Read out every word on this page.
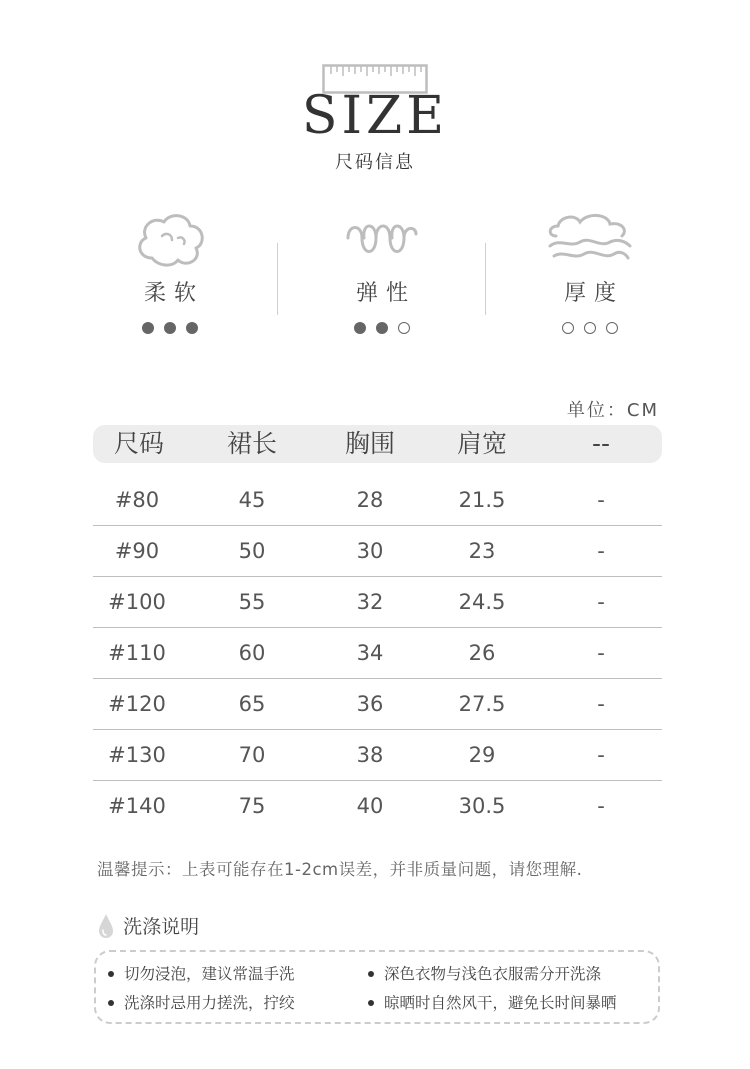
SIZE
尺码信息
柔软	弹性	厚度
单位：CM
尺码	裙长	胸围	肩宽	--
#80	45	28	21.5	-
#90	50	30	23	-
#100	55	32	24.5	-
#110	60	34	26	-
#120	65	36	27.5	-
#130	70	38	29	-
#140	75	40	30.5	-
温馨提示：上表可能存在1-2cm误差，并非质量问题，请您理解.
洗涤说明
切勿浸泡，建议常温手洗	深色衣物与浅色衣服需分开洗涤
洗涤时忌用力搓洗，拧绞	晾晒时自然风干，避免长时间暴晒
